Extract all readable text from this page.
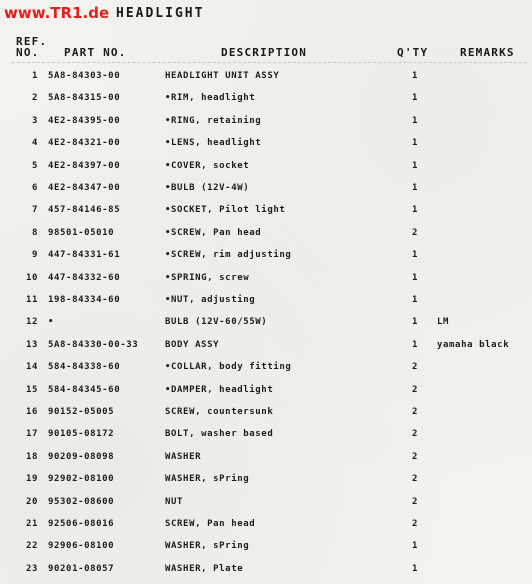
www.TR1.de HEADLIGHT
REF.
NO. PART NO.	DESCRIPTION	Q'TY	REMARKS
1 5A8-84303-00	HEADLIGHT UNIT ASSY	1
2 5A8-84315-00	•RIM, headlight	1
3 4E2-84395-00	•RING, retaining	1
4 4E2-84321-00	•LENS, headlight	1
5 4E2-84397-00	•COVER, socket	1
6 4E2-84347-00	•BULB (12V-4W)	1
7 457-84146-85	•SOCKET, Pilot light	1
8 98501-05010	•SCREW, Pan head	2
9 447-84331-61	•SCREW, rim adjusting	1
10 447-84332-60	•SPRING, screw	1
11 198-84334-60	•NUT, adjusting	1
12 •	BULB (12V-60/55W)	1	LM
13 5A8-84330-00-33	BODY ASSY	1	yamaha black
14 584-84338-60	•COLLAR, body fitting	2
15 584-84345-60	•DAMPER, headlight	2
16 90152-05005	SCREW, countersunk	2
17 90105-08172	BOLT, washer based	2
18 90209-08098	WASHER	2
19 92902-08100	WASHER, sPring	2
20 95302-08600	NUT	2
21 92506-08016	SCREW, Pan head	2
22 92906-08100	WASHER, sPring	1
23 90201-08057	WASHER, Plate	1
